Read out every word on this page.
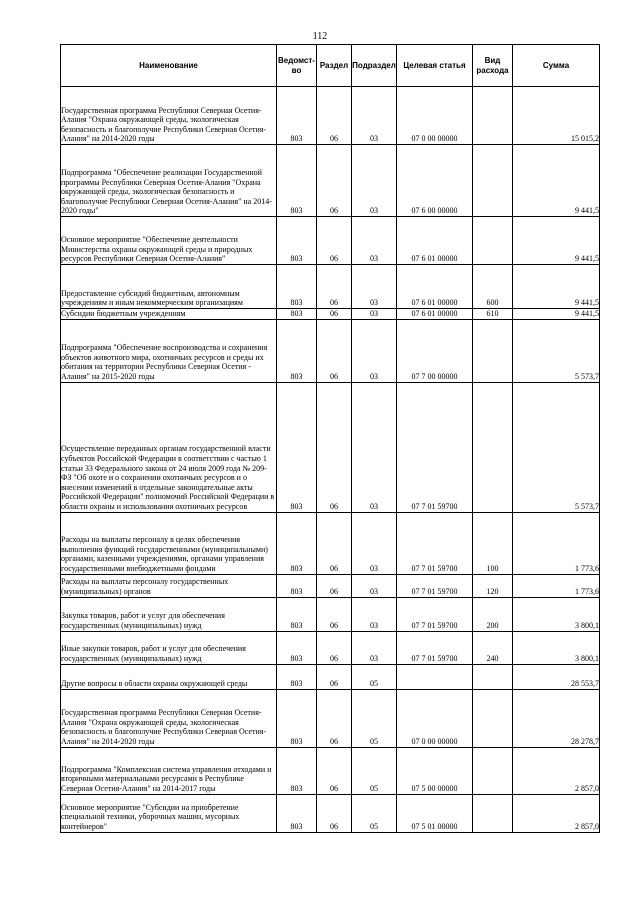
112
Наименование	Ведомст-во	Раздел	Подраздел	Целевая статья	Вид расхода	Сумма
Государственная программа Республики Северная Осетия-Алания "Охрана окружающей среды, экологическая безопасность и благополучие Республики Северная Осетия-Алания" на 2014-2020 годы	803	06	03	07 0 00 00000		15 015,2
Подпрограмма "Обеспечение реализации Государственной программы Республики Северная Осетия-Алания "Охрана окружающей среды, экологическая безопасность и благополучие Республики Северная Осетия-Алания" на 2014-2020 годы"	803	06	03	07 6 00 00000		9 441,5
Основное мероприятие "Обеспечение деятельности Министерства охраны окружающей среды и природных ресурсов Республики Северная Осетия-Алания"	803	06	03	07 6 01 00000		9 441,5
Предоставление субсидий бюджетным, автономным учреждениям и иным некоммерческим организациям	803	06	03	07 6 01 00000	600	9 441,5
Субсидии бюджетным учреждениям	803	06	03	07 6 01 00000	610	9 441,5
Подпрограмма "Обеспечение воспроизводства и сохранения объектов животного мира, охотничьих ресурсов и среды их обитания на территории Республики Северная Осетия - Алания" на 2015-2020 годы	803	06	03	07 7 00 00000		5 573,7
Осуществление переданных органам государственной власти субъектов Российской Федерации в соответствии с частью 1 статьи 33 Федерального закона от 24 июля 2009 года № 209-ФЗ "Об охоте и о сохранении охотничьих ресурсов и о внесении изменений в отдельные законодательные акты Российской Федерации" полномочий Российской Федерации в области охраны и использования охотничьих ресурсов	803	06	03	07 7 01 59700		5 573,7
Расходы на выплаты персоналу в целях обеспечения выполнения функций государственными (муниципальными) органами, казенными учреждениями, органами управления государственными внебюджетными фондами	803	06	03	07 7 01 59700	100	1 773,6
Расходы на выплаты персоналу государственных (муниципальных) органов	803	06	03	07 7 01 59700	120	1 773,6
Закупка товаров, работ и услуг для обеспечения государственных (муниципальных) нужд	803	06	03	07 7 01 59700	200	3 800,1
Иные закупки товаров, работ и услуг для обеспечения государственных (муниципальных) нужд	803	06	03	07 7 01 59700	240	3 800,1
Другие вопросы в области охраны окружающей среды	803	06	05			28 553,7
Государственная программа Республики Северная Осетия-Алания "Охрана окружающей среды, экологическая безопасность и благополучие Республики Северная Осетия-Алания" на 2014-2020 годы	803	06	05	07 0 00 00000		28 278,7
Подпрограмма "Комплексная система управления отходами и вторичными материальными ресурсами в Республике Северная Осетия-Алания" на 2014-2017 годы	803	06	05	07 5 00 00000		2 857,0
Основное мероприятие "Субсидии на приобретение специальной техники, уборочных машин, мусорных контейнеров"	803	06	05	07 5 01 00000		2 857,0
